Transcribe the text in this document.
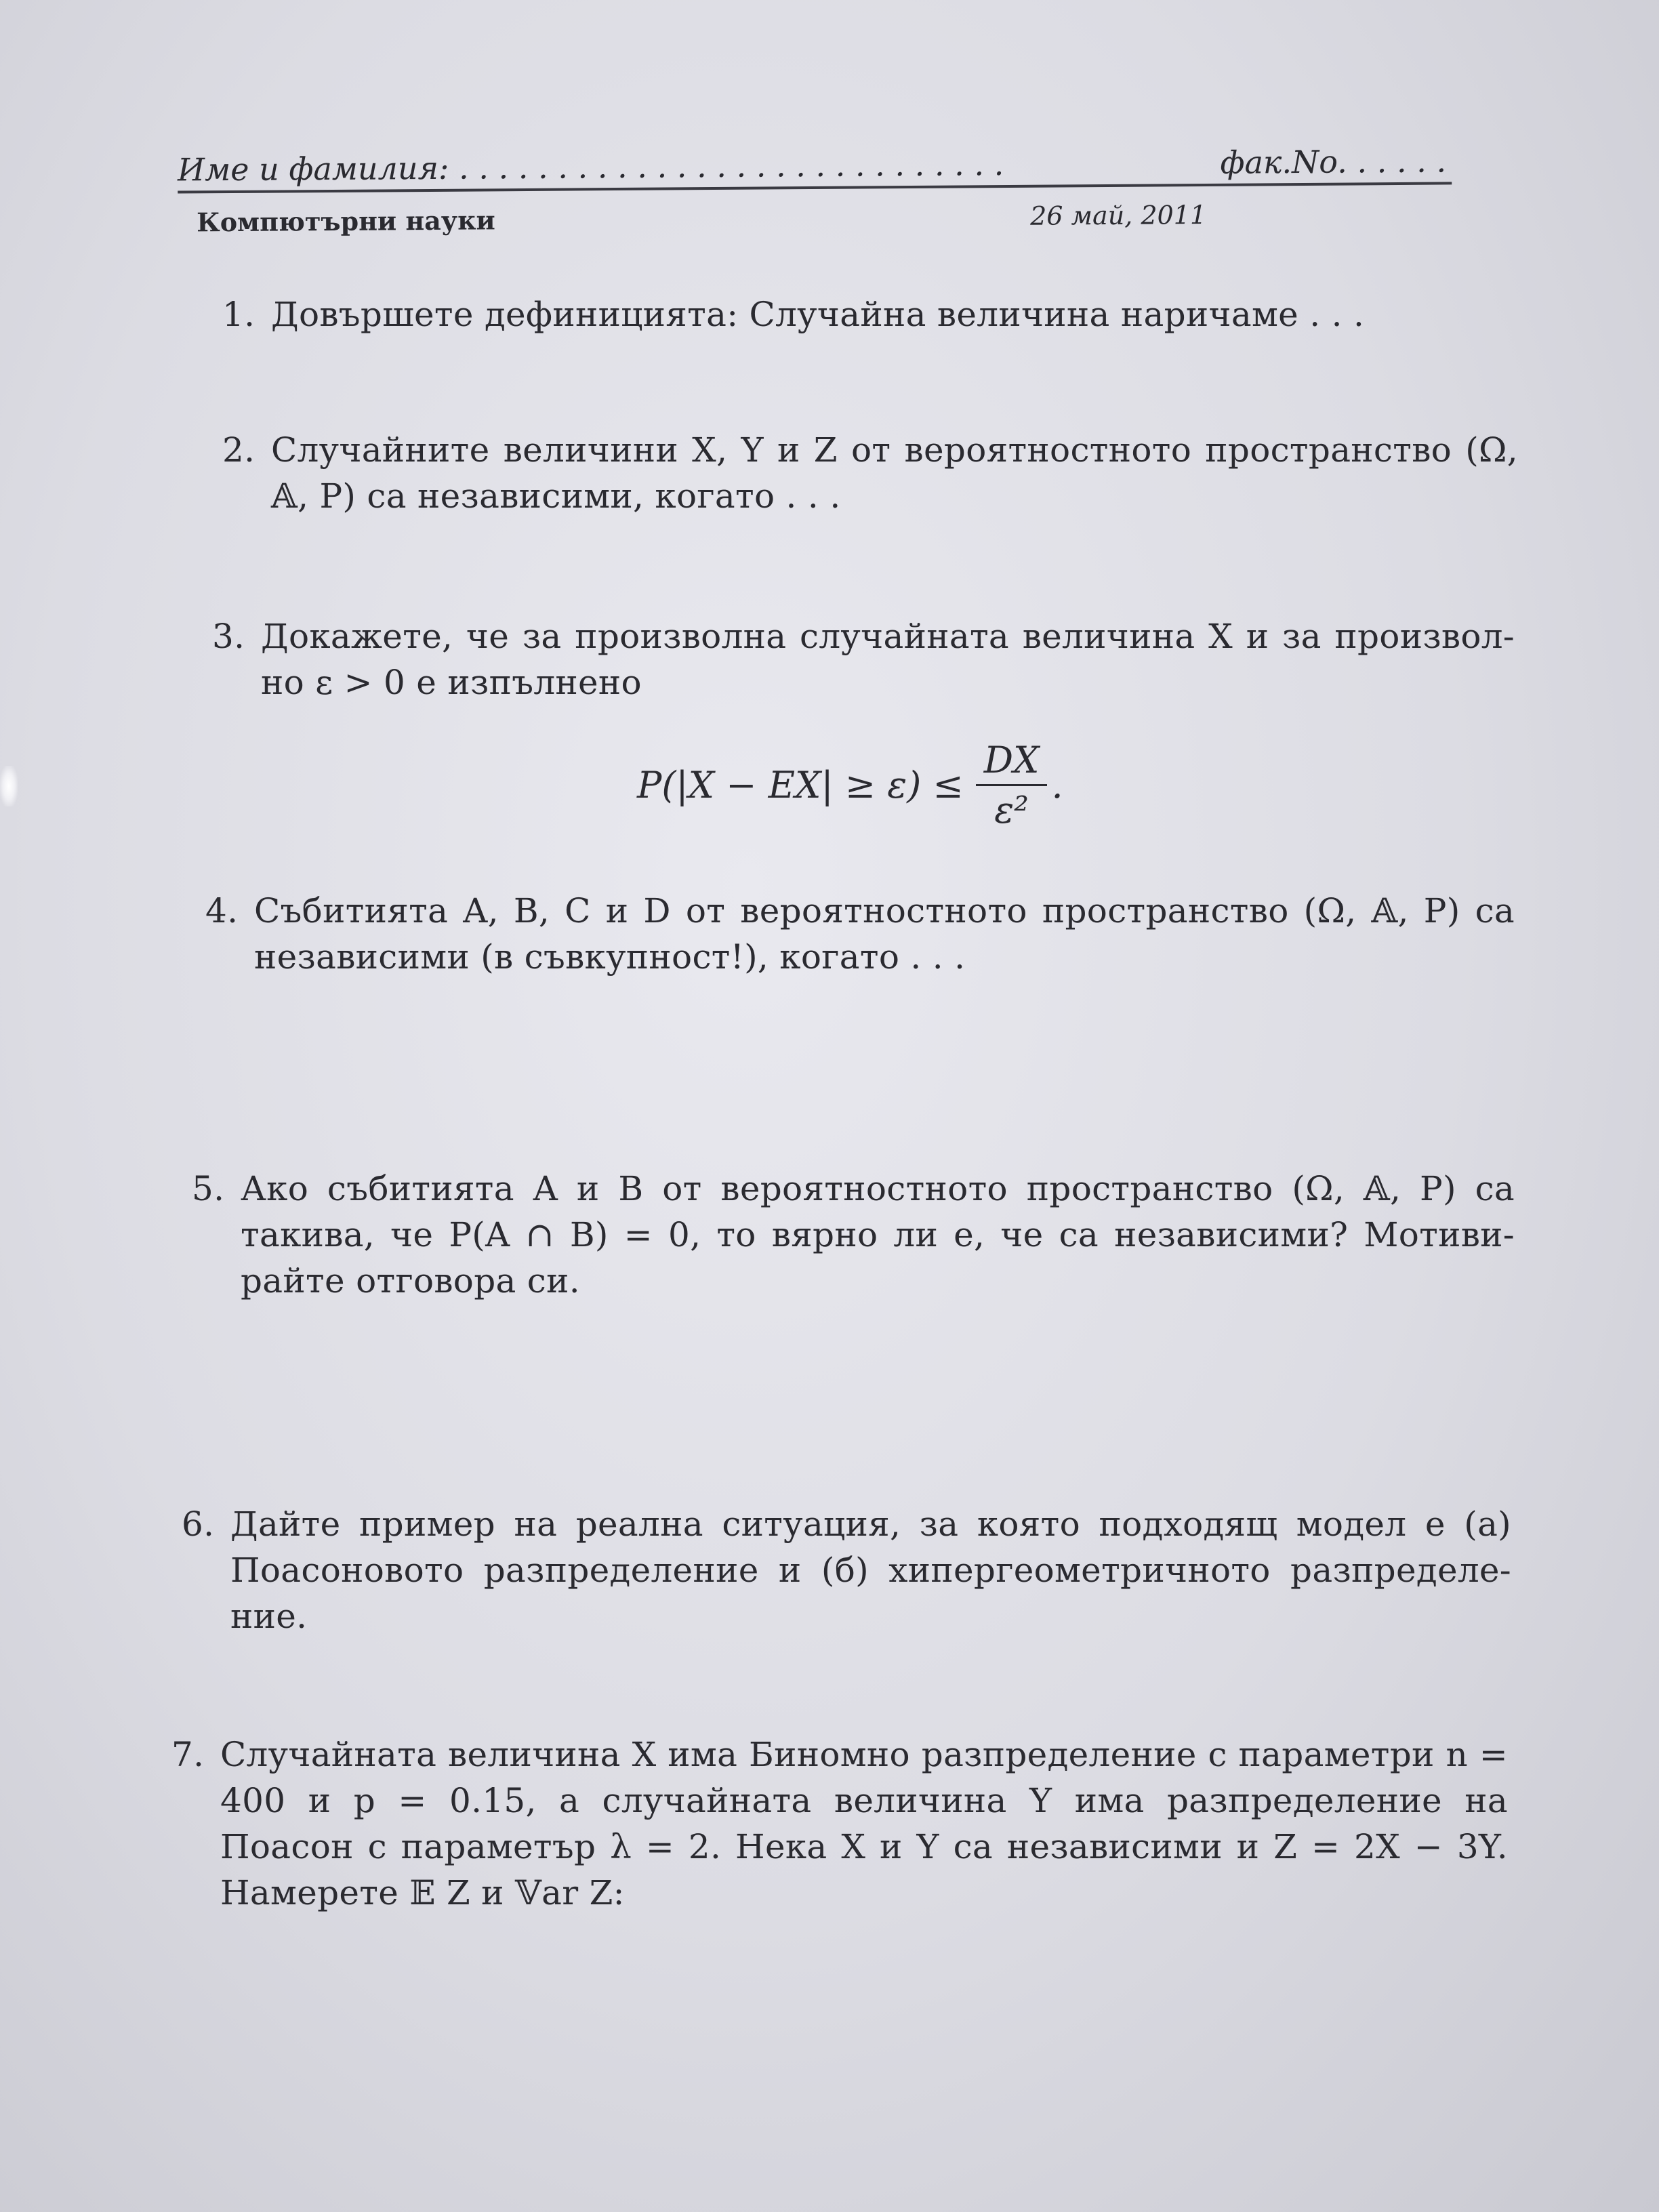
Име и фамилия: . . . . . . . . . . . . . . . . . . . . . . . . . . . .	фак.No. . . . . .
Компютърни науки	26 май, 2011
1. Довършете дефиницията: Случайна величина наричаме . . .
2. Случайните величини X, Y и Z от вероятностното пространство (Ω, 𝔸, P) са независими, когато . . .
3. Докажете, че за произволна случайната величина X и за произвол-но ε > 0 е изпълнено
$P(|X - EX| \ge \varepsilon) \le \frac{DX}{\text{ε²}}$ .
4. Събитията A, B, C и D от вероятностното пространство (Ω, 𝔸, P) са независими (в съвкупност!), когато . . .
5. Ако събитията A и B от вероятностното пространство (Ω, 𝔸, P) са такива, че P(A ∩ B) = 0, то вярно ли е, че са независими? Мотиви-райте отговора си.
6. Дайте пример на реална ситуация, за която подходящ модел е (а) Поасоновото разпределение и (б) хипергеометричното разпределе-ние.
7. Случайната величина X има Биномно разпределение с параметри n = 400 и p = 0.15, а случайната величина Y има разпределение на Поасон с параметър λ = 2. Нека X и Y са независими и Z = 2X − 3Y. Намерете 𝔼 Z и 𝕍ar Z:
